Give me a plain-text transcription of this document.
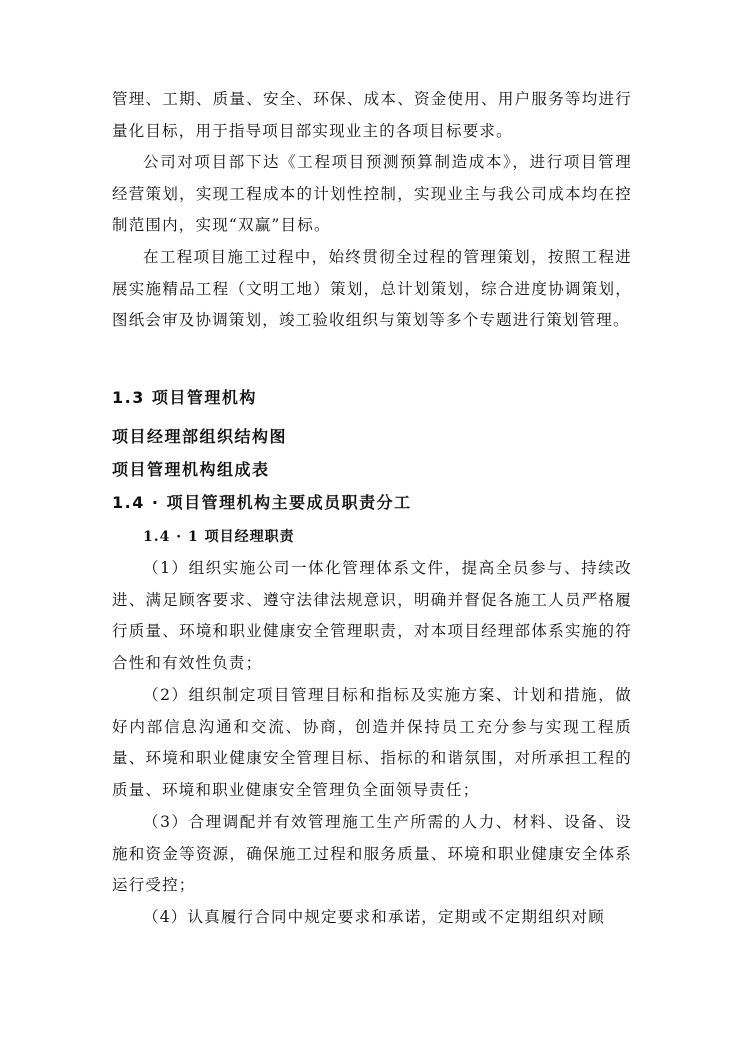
管理、工期、质量、安全、环保、成本、资金使用、用户服务等均进行量化目标，用于指导项目部实现业主的各项目标要求。

公司对项目部下达《工程项目预测预算制造成本》，进行项目管理经营策划，实现工程成本的计划性控制，实现业主与我公司成本均在控制范围内，实现“双赢”目标。

在工程项目施工过程中，始终贯彻全过程的管理策划，按照工程进展实施精品工程（文明工地）策划，总计划策划，综合进度协调策划，图纸会审及协调策划，竣工验收组织与策划等多个专题进行策划管理。

1.3 项目管理机构
项目经理部组织结构图
项目管理机构组成表
1.4 · 项目管理机构主要成员职责分工
1.4 · 1 项目经理职责

（1）组织实施公司一体化管理体系文件，提高全员参与、持续改进、满足顾客要求、遵守法律法规意识，明确并督促各施工人员严格履行质量、环境和职业健康安全管理职责，对本项目经理部体系实施的符合性和有效性负责；

（2）组织制定项目管理目标和指标及实施方案、计划和措施，做好内部信息沟通和交流、协商，创造并保持员工充分参与实现工程质量、环境和职业健康安全管理目标、指标的和谐氛围，对所承担工程的质量、环境和职业健康安全管理负全面领导责任；

（3）合理调配并有效管理施工生产所需的人力、材料、设备、设施和资金等资源，确保施工过程和服务质量、环境和职业健康安全体系运行受控；

（4）认真履行合同中规定要求和承诺，定期或不定期组织对顾
